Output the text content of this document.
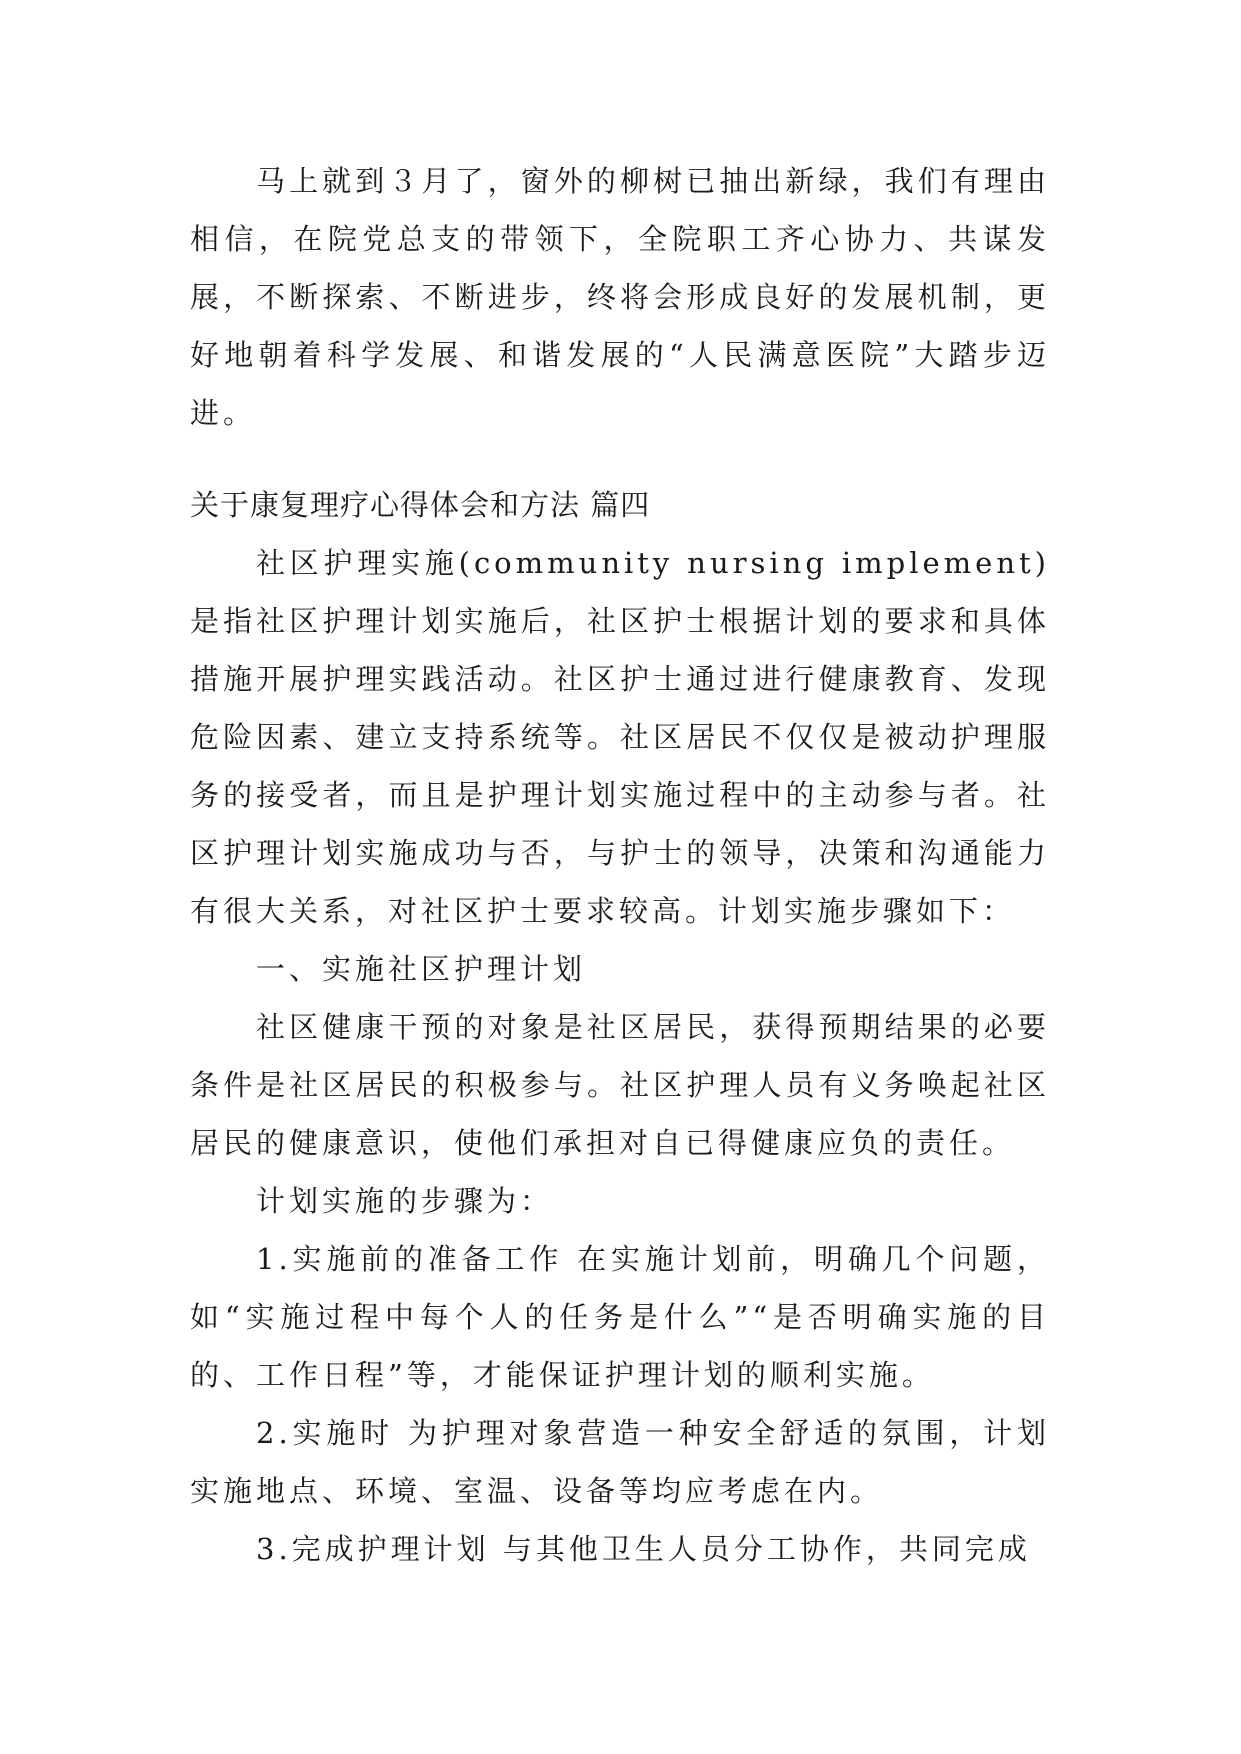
马上就到３月了，窗外的柳树已抽出新绿，我们有理由相信，在院党总支的带领下，全院职工齐心协力、共谋发展，不断探索、不断进步，终将会形成良好的发展机制，更好地朝着科学发展、和谐发展的“人民满意医院”大踏步迈进。

关于康复理疗心得体会和方法 篇四

社区护理实施(community nursing implement)是指社区护理计划实施后，社区护士根据计划的要求和具体措施开展护理实践活动。社区护士通过进行健康教育、发现危险因素、建立支持系统等。社区居民不仅仅是被动护理服务的接受者，而且是护理计划实施过程中的主动参与者。社区护理计划实施成功与否，与护士的领导，决策和沟通能力有很大关系，对社区护士要求较高。计划实施步骤如下：

一、实施社区护理计划

社区健康干预的对象是社区居民，获得预期结果的必要条件是社区居民的积极参与。社区护理人员有义务唤起社区居民的健康意识，使他们承担对自已得健康应负的责任。

计划实施的步骤为：

1.实施前的准备工作 在实施计划前，明确几个问题，如“实施过程中每个人的任务是什么”“是否明确实施的目的、工作日程”等，才能保证护理计划的顺利实施。

2.实施时 为护理对象营造一种安全舒适的氛围，计划实施地点、环境、室温、设备等均应考虑在内。

3.完成护理计划 与其他卫生人员分工协作，共同完成
